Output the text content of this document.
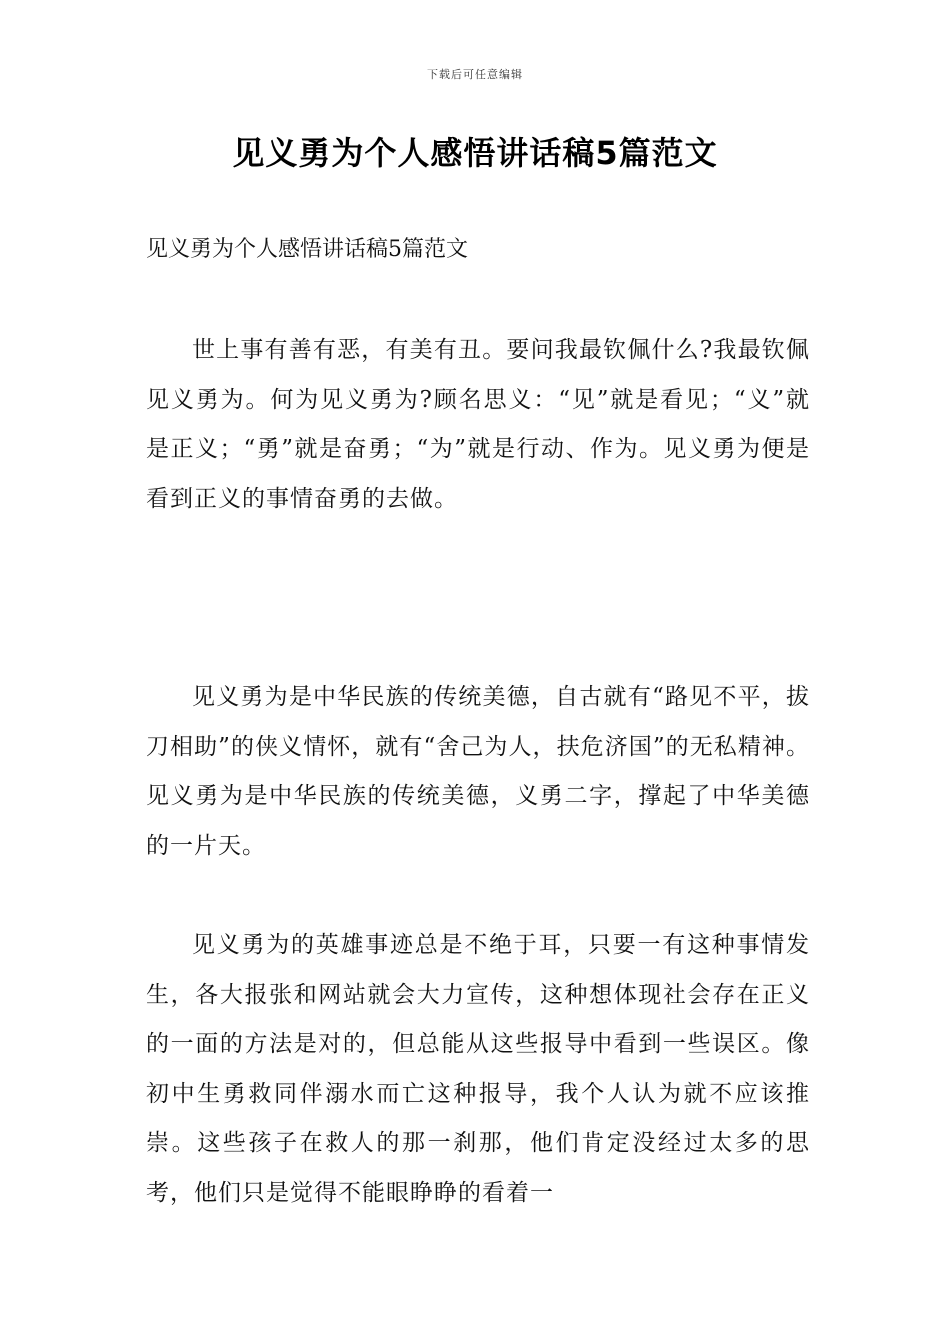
下载后可任意编辑
见义勇为个人感悟讲话稿5篇范文

见义勇为个人感悟讲话稿5篇范文

世上事有善有恶，有美有丑。要问我最钦佩什么?我最钦佩见义勇为。何为见义勇为?顾名思义：“见”就是看见；“义”就是正义；“勇”就是奋勇；“为”就是行动、作为。见义勇为便是看到正义的事情奋勇的去做。

见义勇为是中华民族的传统美德，自古就有“路见不平，拔刀相助”的侠义情怀，就有“舍己为人，扶危济国”的无私精神。见义勇为是中华民族的传统美德，义勇二字，撑起了中华美德的一片天。

见义勇为的英雄事迹总是不绝于耳，只要一有这种事情发生，各大报张和网站就会大力宣传，这种想体现社会存在正义的一面的方法是对的，但总能从这些报导中看到一些误区。像初中生勇救同伴溺水而亡这种报导，我个人认为就不应该推崇。这些孩子在救人的那一刹那，他们肯定没经过太多的思考，他们只是觉得不能眼睁睁的看着一
